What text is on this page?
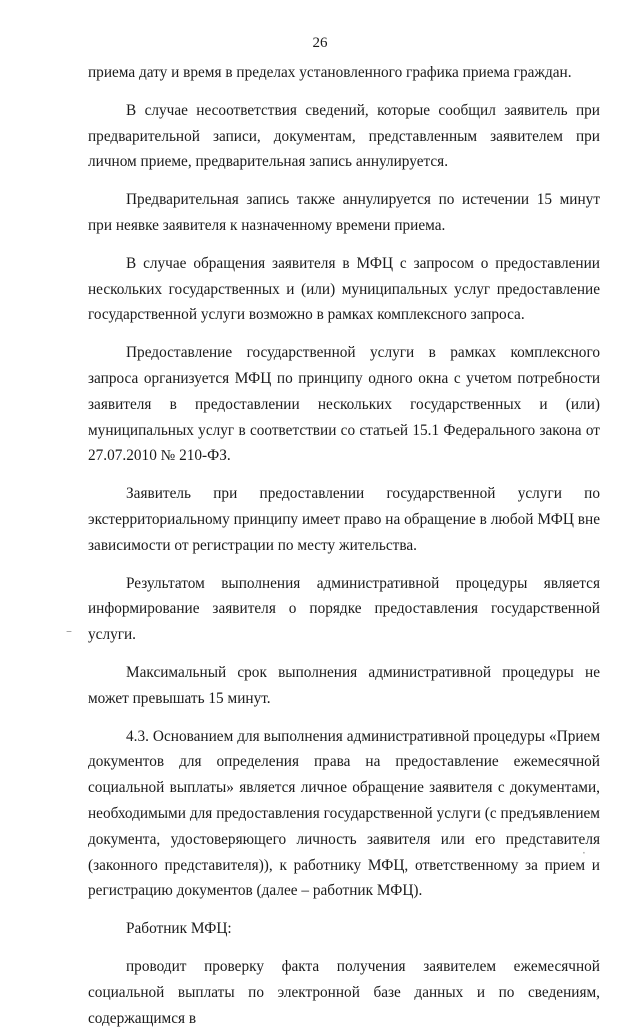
26

приема дату и время в пределах установленного графика приема граждан.

В случае несоответствия сведений, которые сообщил заявитель при предварительной записи, документам, представленным заявителем при личном приеме, предварительная запись аннулируется.

Предварительная запись также аннулируется по истечении 15 минут при неявке заявителя к назначенному времени приема.

В случае обращения заявителя в МФЦ с запросом о предоставлении нескольких государственных и (или) муниципальных услуг предоставление государственной услуги возможно в рамках комплексного запроса.

Предоставление государственной услуги в рамках комплексного запроса организуется МФЦ по принципу одного окна с учетом потребности заявителя в предоставлении нескольких государственных и (или) муниципальных услуг в соответствии со статьей 15.1 Федерального закона от 27.07.2010 № 210-ФЗ.

Заявитель при предоставлении государственной услуги по экстерриториальному принципу имеет право на обращение в любой МФЦ вне зависимости от регистрации по месту жительства.

Результатом выполнения административной процедуры является информирование заявителя о порядке предоставления государственной услуги.

Максимальный срок выполнения административной процедуры не может превышать 15 минут.

4.3. Основанием для выполнения административной процедуры «Прием документов для определения права на предоставление ежемесячной социальной выплаты» является личное обращение заявителя с документами, необходимыми для предоставления государственной услуги (с предъявлением документа, удостоверяющего личность заявителя или его представителя (законного представителя)), к работнику МФЦ, ответственному за прием и регистрацию документов (далее – работник МФЦ).

Работник МФЦ:

проводит проверку факта получения заявителем ежемесячной социальной выплаты по электронной базе данных и по сведениям, содержащимся в

–
·
